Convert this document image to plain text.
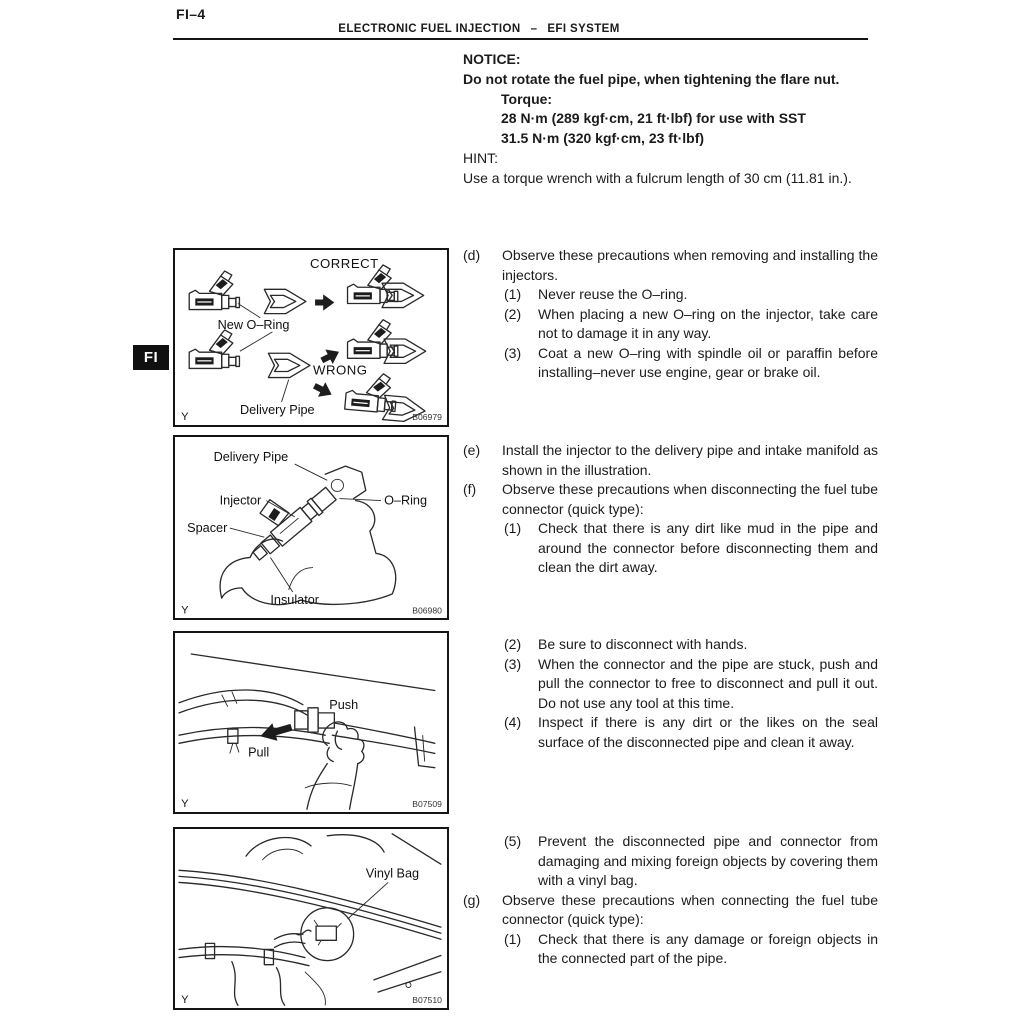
FI–4
ELECTRONIC FUEL INJECTION – EFI SYSTEM
NOTICE:
Do not rotate the fuel pipe, when tightening the flare nut.
Torque:
28 N·m (289 kgf·cm, 21 ft·lbf) for use with SST
31.5 N·m (320 kgf·cm, 23 ft·lbf)
HINT:
Use a torque wrench with a fulcrum length of 30 cm (11.81 in.).
FI
CORRECT
New O–Ring
WRONG
Delivery Pipe
Y	B06979
Delivery Pipe
Injector	O–Ring
Spacer
Insulator
Y	B06980
Push
Pull
Y	B07509
Vinyl Bag
Y	B07510
(d)	Observe these precautions when removing and installing the injectors.
(1)	Never reuse the O–ring.
(2)	When placing a new O–ring on the injector, take care not to damage it in any way.
(3)	Coat a new O–ring with spindle oil or paraffin before installing–never use engine, gear or brake oil.
(e)	Install the injector to the delivery pipe and intake manifold as shown in the illustration.
(f)	Observe these precautions when disconnecting the fuel tube connector (quick type):
(1)	Check that there is any dirt like mud in the pipe and around the connector before disconnecting them and clean the dirt away.
(2)	Be sure to disconnect with hands.
(3)	When the connector and the pipe are stuck, push and pull the connector to free to disconnect and pull it out. Do not use any tool at this time.
(4)	Inspect if there is any dirt or the likes on the seal surface of the disconnected pipe and clean it away.
(5)	Prevent the disconnected pipe and connector from damaging and mixing foreign objects by covering them with a vinyl bag.
(g)	Observe these precautions when connecting the fuel tube connector (quick type):
(1)	Check that there is any damage or foreign objects in the connected part of the pipe.
